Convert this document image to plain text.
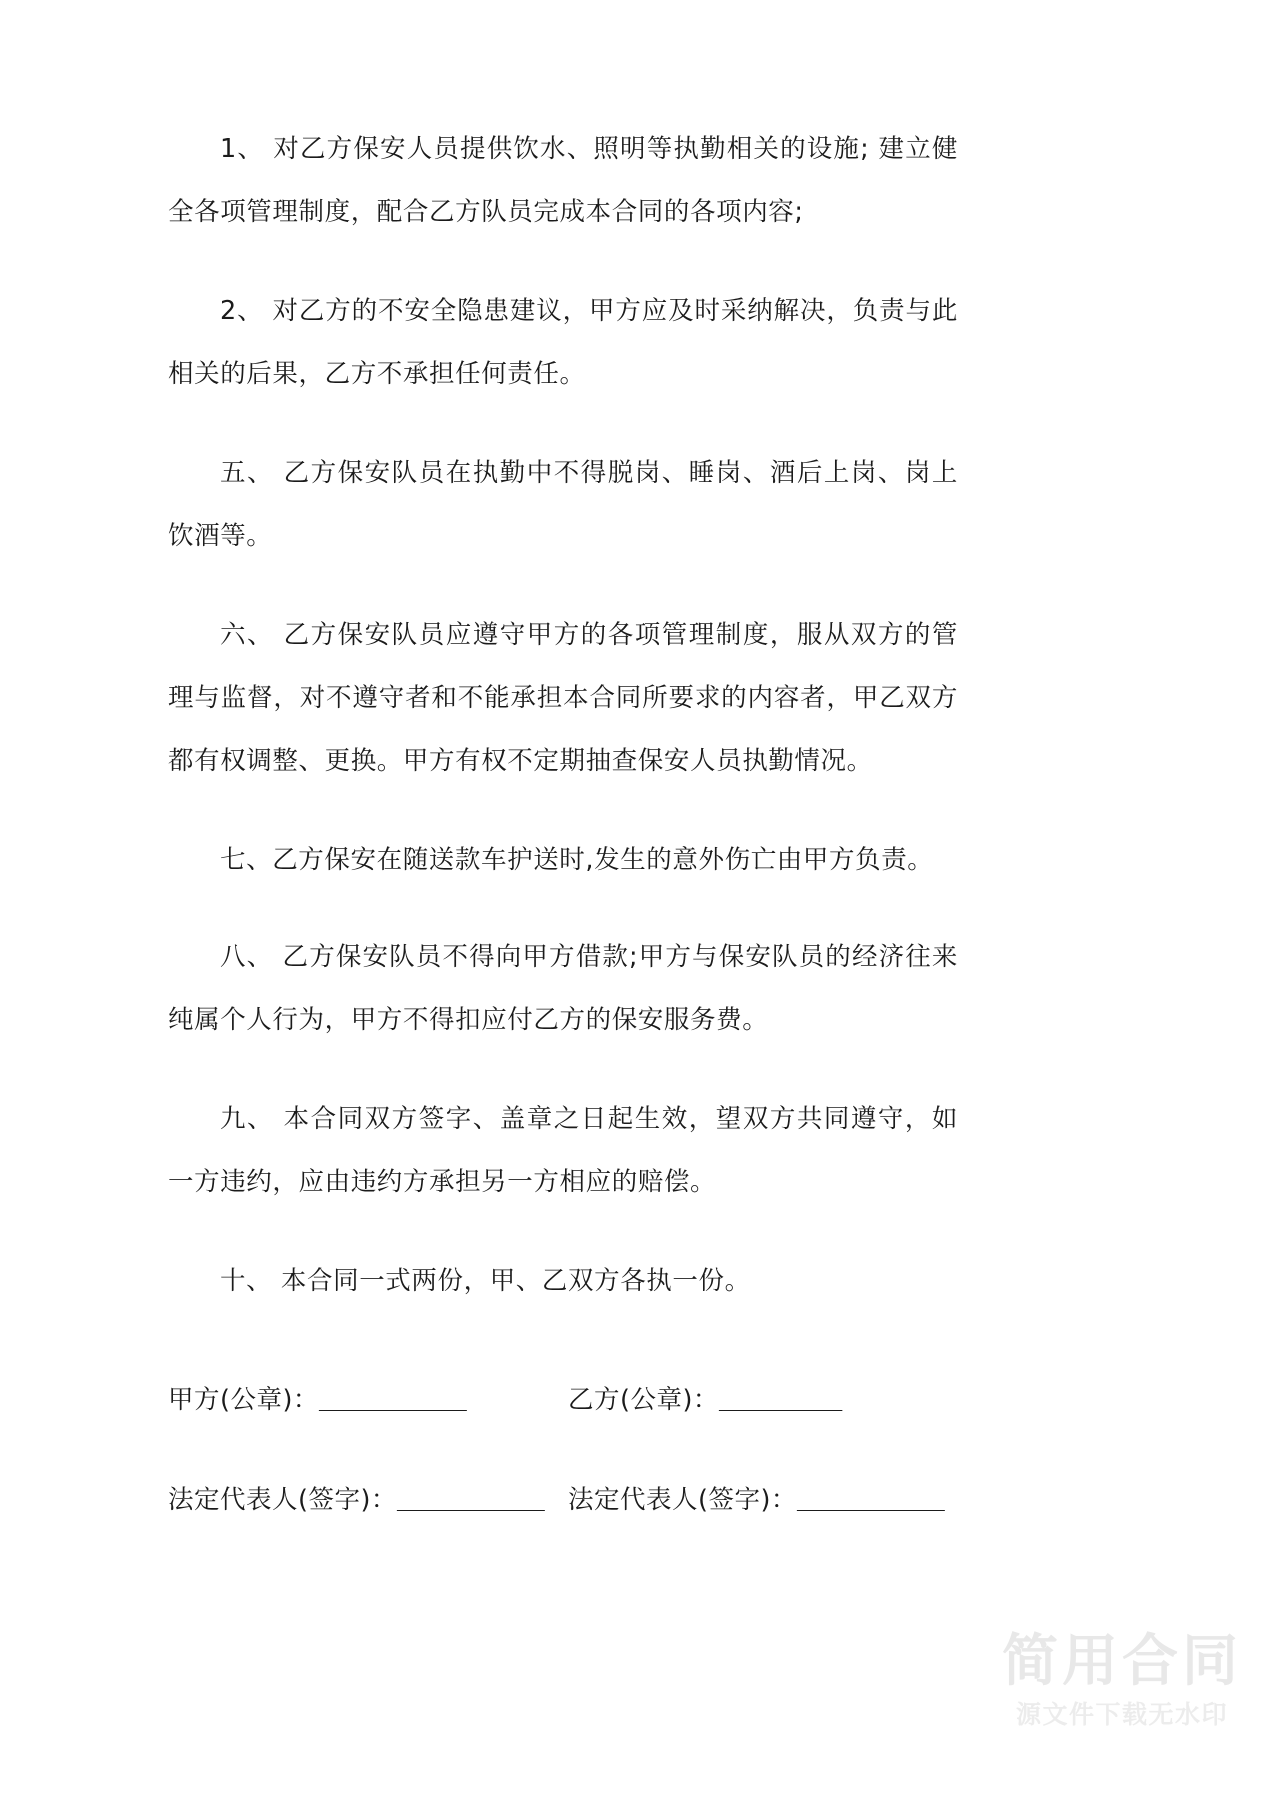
1、 对乙方保安人员提供饮水、照明等执勤相关的设施; 建立健全各项管理制度，配合乙方队员完成本合同的各项内容;

2、 对乙方的不安全隐患建议，甲方应及时采纳解决，负责与此相关的后果，乙方不承担任何责任。

五、 乙方保安队员在执勤中不得脱岗、睡岗、酒后上岗、岗上饮酒等。

六、 乙方保安队员应遵守甲方的各项管理制度，服从双方的管理与监督，对不遵守者和不能承担本合同所要求的内容者，甲乙双方都有权调整、更换。甲方有权不定期抽查保安人员执勤情况。

七、乙方保安在随送款车护送时,发生的意外伤亡由甲方负责。

八、 乙方保安队员不得向甲方借款;甲方与保安队员的经济往来纯属个人行为，甲方不得扣应付乙方的保安服务费。

九、 本合同双方签字、盖章之日起生效，望双方共同遵守，如一方违约，应由违约方承担另一方相应的赔偿。

十、 本合同一式两份，甲、乙双方各执一份。

甲方(公章)：＿＿＿＿＿＿	乙方(公章)：＿＿＿＿＿
法定代表人(签字)：＿＿＿＿＿＿ 法定代表人(签字)：＿＿＿＿＿＿
简用合同
源文件下载无水印
